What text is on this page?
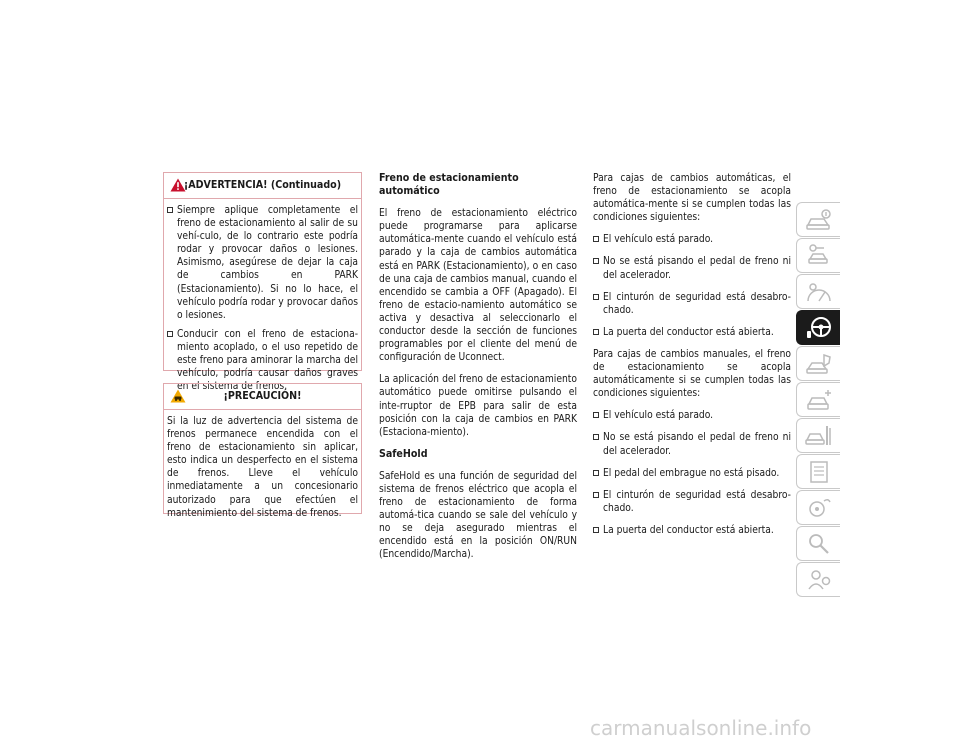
¡ADVERTENCIA! (Continuado)
Siempre aplique completamente el freno de estacionamiento al salir de su vehí-culo, de lo contrario este podría rodar y provocar daños o lesiones. Asimismo, asegúrese de dejar la caja de cambios en PARK (Estacionamiento). Si no lo hace, el vehículo podría rodar y provocar daños o lesiones.
Conducir con el freno de estaciona-miento acoplado, o el uso repetido de este freno para aminorar la marcha del vehículo, podría causar daños graves en el sistema de frenos.
¡PRECAUCIÓN!

Si la luz de advertencia del sistema de frenos permanece encendida con el freno de estacionamiento sin aplicar, esto indica un desperfecto en el sistema de frenos. Lleve el vehículo inmediatamente a un concesionario autorizado para que efectúen el mantenimiento del sistema de frenos.

Freno de estacionamiento automático

El freno de estacionamiento eléctrico puede programarse para aplicarse automática-mente cuando el vehículo está parado y la caja de cambios automática está en PARK (Estacionamiento), o en caso de una caja de cambios manual, cuando el encendido se cambia a OFF (Apagado). El freno de estacio-namiento automático se activa y desactiva al seleccionarlo el conductor desde la sección de funciones programables por el cliente del menú de configuración de Uconnect.

La aplicación del freno de estacionamiento automático puede omitirse pulsando el inte-rruptor de EPB para salir de esta posición con la caja de cambios en PARK (Estaciona-miento).

SafeHold

SafeHold es una función de seguridad del sistema de frenos eléctrico que acopla el freno de estacionamiento de forma automá-tica cuando se sale del vehículo y no se deja asegurado mientras el encendido está en la posición ON/RUN (Encendido/Marcha).

Para cajas de cambios automáticas, el freno de estacionamiento se acopla automática-mente si se cumplen todas las condiciones siguientes:

El vehículo está parado.
No se está pisando el pedal de freno ni del acelerador.
El cinturón de seguridad está desabro-chado.
La puerta del conductor está abierta.

Para cajas de cambios manuales, el freno de estacionamiento se acopla automáticamente si se cumplen todas las condiciones siguientes:

El vehículo está parado.
No se está pisando el pedal de freno ni del acelerador.
El pedal del embrague no está pisado.
El cinturón de seguridad está desabro-chado.
La puerta del conductor está abierta.
carmanualsonline.info
